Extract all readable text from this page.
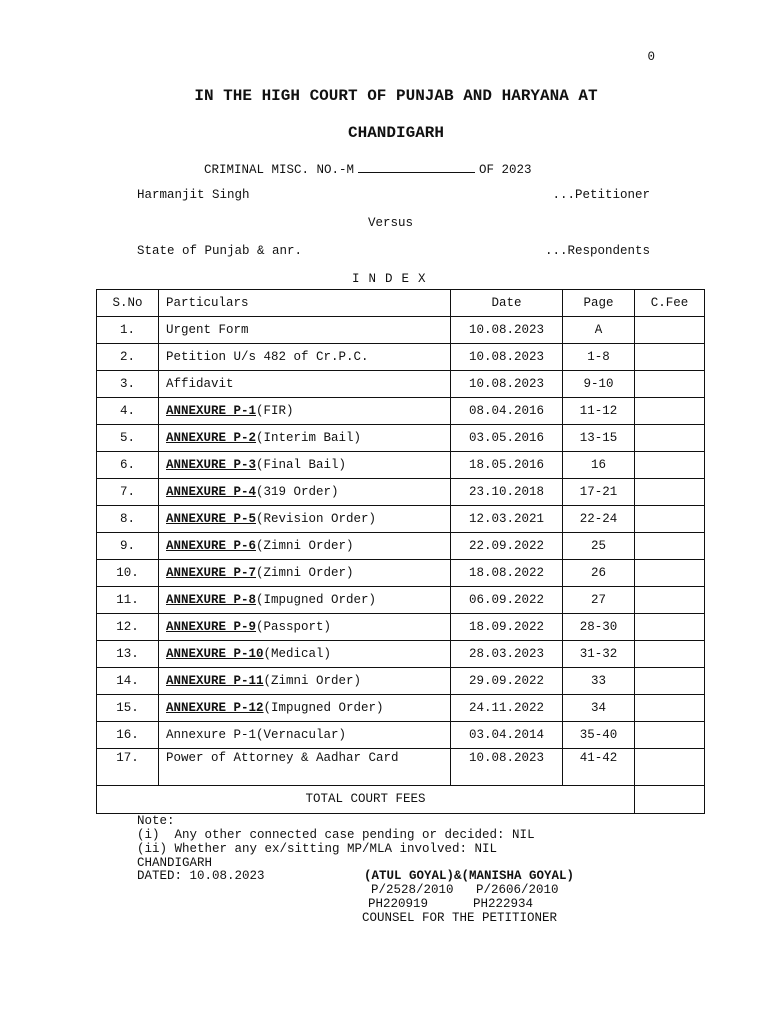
0
IN THE HIGH COURT OF PUNJAB AND HARYANA AT
CHANDIGARH
CRIMINAL MISC. NO.-M	OF 2023
Harmanjit Singh	...Petitioner
Versus
State of Punjab & anr.	...Respondents
INDEX
S.No	Particulars	Date	Page	C.Fee
1.	Urgent Form	10.08.2023	A	
2.	Petition U/s 482 of Cr.P.C.	10.08.2023	1-8	
3.	Affidavit	10.08.2023	9-10	
4.	ANNEXURE P-1(FIR)	08.04.2016	11-12	
5.	ANNEXURE P-2(Interim Bail)	03.05.2016	13-15	
6.	ANNEXURE P-3(Final Bail)	18.05.2016	16	
7.	ANNEXURE P-4(319 Order)	23.10.2018	17-21	
8.	ANNEXURE P-5(Revision Order)	12.03.2021	22-24	
9.	ANNEXURE P-6(Zimni Order)	22.09.2022	25	
10.	ANNEXURE P-7(Zimni Order)	18.08.2022	26	
11.	ANNEXURE P-8(Impugned Order)	06.09.2022	27	
12.	ANNEXURE P-9(Passport)	18.09.2022	28-30	
13.	ANNEXURE P-10(Medical)	28.03.2023	31-32	
14.	ANNEXURE P-11(Zimni Order)	29.09.2022	33	
15.	ANNEXURE P-12(Impugned Order)	24.11.2022	34	
16.	Annexure P-1(Vernacular)	03.04.2014	35-40	
17.	Power of Attorney & Aadhar Card	10.08.2023	41-42	
TOTAL COURT FEES				
Note:
(i)  Any other connected case pending or decided: NIL
(ii) Whether any ex/sitting MP/MLA involved: NIL
CHANDIGARH
DATED: 10.08.2023	(ATUL GOYAL)&(MANISHA GOYAL)
P/2528/2010   P/2606/2010
PH220919      PH222934
COUNSEL FOR THE PETITIONER
